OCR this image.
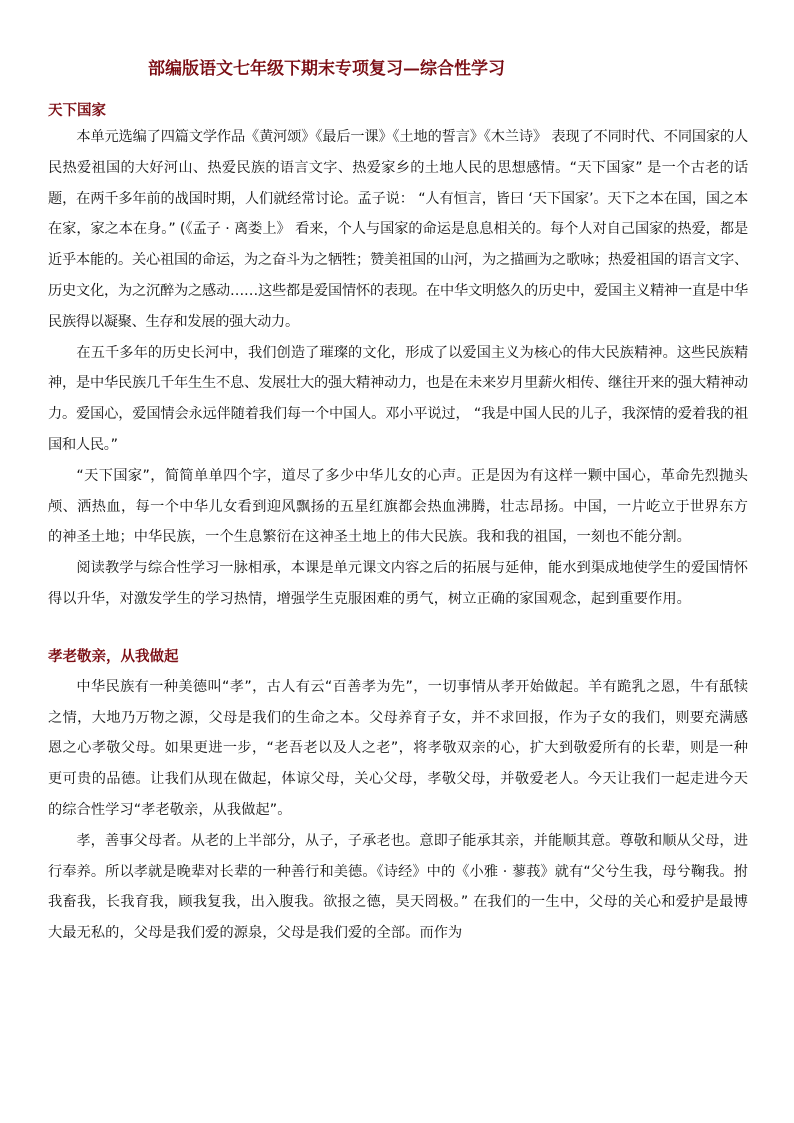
部编版语文七年级下期末专项复习—综合性学习
天下国家

本单元选编了四篇文学作品《黄河颂》《最后一课》《土地的誓言》《木兰诗》 表现了不同时代、不同国家的人民热爱祖国的大好河山、热爱民族的语言文字、热爱家乡的土地人民的思想感情。“天下国家” 是一个古老的话题，在两千多年前的战国时期，人们就经常讨论。孟子说： “人有恒言，皆曰 ‘天下国家’。天下之本在国，国之本在家，家之本在身。” (《孟子 · 离娄上》 看来，个人与国家的命运是息息相关的。每个人对自己国家的热爱，都是近乎本能的。关心祖国的命运，为之奋斗为之牺牲；赞美祖国的山河，为之描画为之歌咏；热爱祖国的语言文字、历史文化，为之沉醉为之感动……这些都是爱国情怀的表现。在中华文明悠久的历史中，爱国主义精神一直是中华民族得以凝聚、生存和发展的强大动力。

在五千多年的历史长河中，我们创造了璀璨的文化，形成了以爱国主义为核心的伟大民族精神。这些民族精神，是中华民族几千年生生不息、发展壮大的强大精神动力，也是在未来岁月里薪火相传、继往开来的强大精神动力。爱国心，爱国情会永远伴随着我们每一个中国人。邓小平说过， “我是中国人民的儿子，我深情的爱着我的祖国和人民。”

“天下国家”，简简单单四个字，道尽了多少中华儿女的心声。正是因为有这样一颗中国心，革命先烈抛头颅、洒热血，每一个中华儿女看到迎风飘扬的五星红旗都会热血沸腾，壮志昂扬。中国，一片屹立于世界东方的神圣土地；中华民族，一个生息繁衍在这神圣土地上的伟大民族。我和我的祖国，一刻也不能分割。

阅读教学与综合性学习一脉相承，本课是单元课文内容之后的拓展与延伸，能水到渠成地使学生的爱国情怀得以升华，对激发学生的学习热情，增强学生克服困难的勇气，树立正确的家国观念，起到重要作用。

孝老敬亲，从我做起

中华民族有一种美德叫“孝”，古人有云“百善孝为先”，一切事情从孝开始做起。羊有跪乳之恩，牛有舐犊之情，大地乃万物之源，父母是我们的生命之本。父母养育子女，并不求回报，作为子女的我们，则要充满感恩之心孝敬父母。如果更进一步，“老吾老以及人之老”，将孝敬双亲的心，扩大到敬爱所有的长辈，则是一种更可贵的品德。让我们从现在做起，体谅父母，关心父母，孝敬父母，并敬爱老人。今天让我们一起走进今天的综合性学习“孝老敬亲，从我做起”。

孝，善事父母者。从老的上半部分，从子，子承老也。意即子能承其亲，并能顺其意。尊敬和顺从父母，进行奉养。所以孝就是晚辈对长辈的一种善行和美德。《诗经》中的《小雅 · 蓼莪》就有“父兮生我，母兮鞠我。拊我畜我，长我育我，顾我复我，出入腹我。欲报之德，昊天罔极。” 在我们的一生中，父母的关心和爱护是最博大最无私的，父母是我们爱的源泉，父母是我们爱的全部。而作为
